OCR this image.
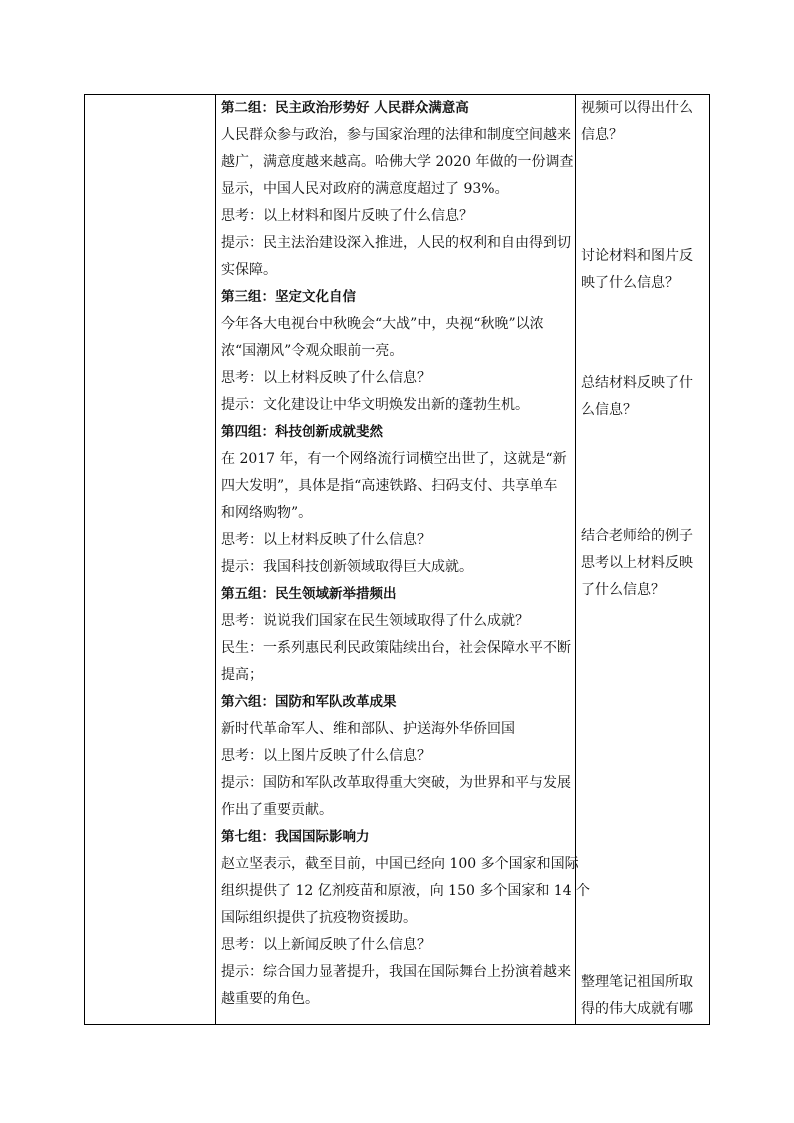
第二组：民主政治形势好 人民群众满意高
人民群众参与政治，参与国家治理的法律和制度空间越来
越广，满意度越来越高。哈佛大学 2020 年做的一份调查
显示，中国人民对政府的满意度超过了 93%。
思考：以上材料和图片反映了什么信息？
提示：民主法治建设深入推进，人民的权利和自由得到切
实保障。
第三组：坚定文化自信
今年各大电视台中秋晚会“大战”中，央视“秋晚”以浓
浓“国潮风”令观众眼前一亮。
思考：以上材料反映了什么信息？
提示：文化建设让中华文明焕发出新的蓬勃生机。
第四组：科技创新成就斐然
在 2017 年，有一个网络流行词横空出世了，这就是“新
四大发明”，具体是指“高速铁路、扫码支付、共享单车
和网络购物”。
思考：以上材料反映了什么信息？
提示：我国科技创新领域取得巨大成就。
第五组：民生领域新举措频出
思考：说说我们国家在民生领域取得了什么成就？
民生：一系列惠民利民政策陆续出台，社会保障水平不断
提高；
第六组：国防和军队改革成果
新时代革命军人、维和部队、护送海外华侨回国
思考：以上图片反映了什么信息？
提示：国防和军队改革取得重大突破，为世界和平与发展
作出了重要贡献。
第七组：我国国际影响力
赵立坚表示，截至目前，中国已经向 100 多个国家和国际
组织提供了 12 亿剂疫苗和原液，向 150 多个国家和 14 个
国际组织提供了抗疫物资援助。
思考：以上新闻反映了什么信息？
提示：综合国力显著提升，我国在国际舞台上扮演着越来
越重要的角色。
视频可以得出什么
信息？
讨论材料和图片反
映了什么信息？
总结材料反映了什
么信息？
结合老师给的例子
思考以上材料反映
了什么信息？
整理笔记祖国所取
得的伟大成就有哪
